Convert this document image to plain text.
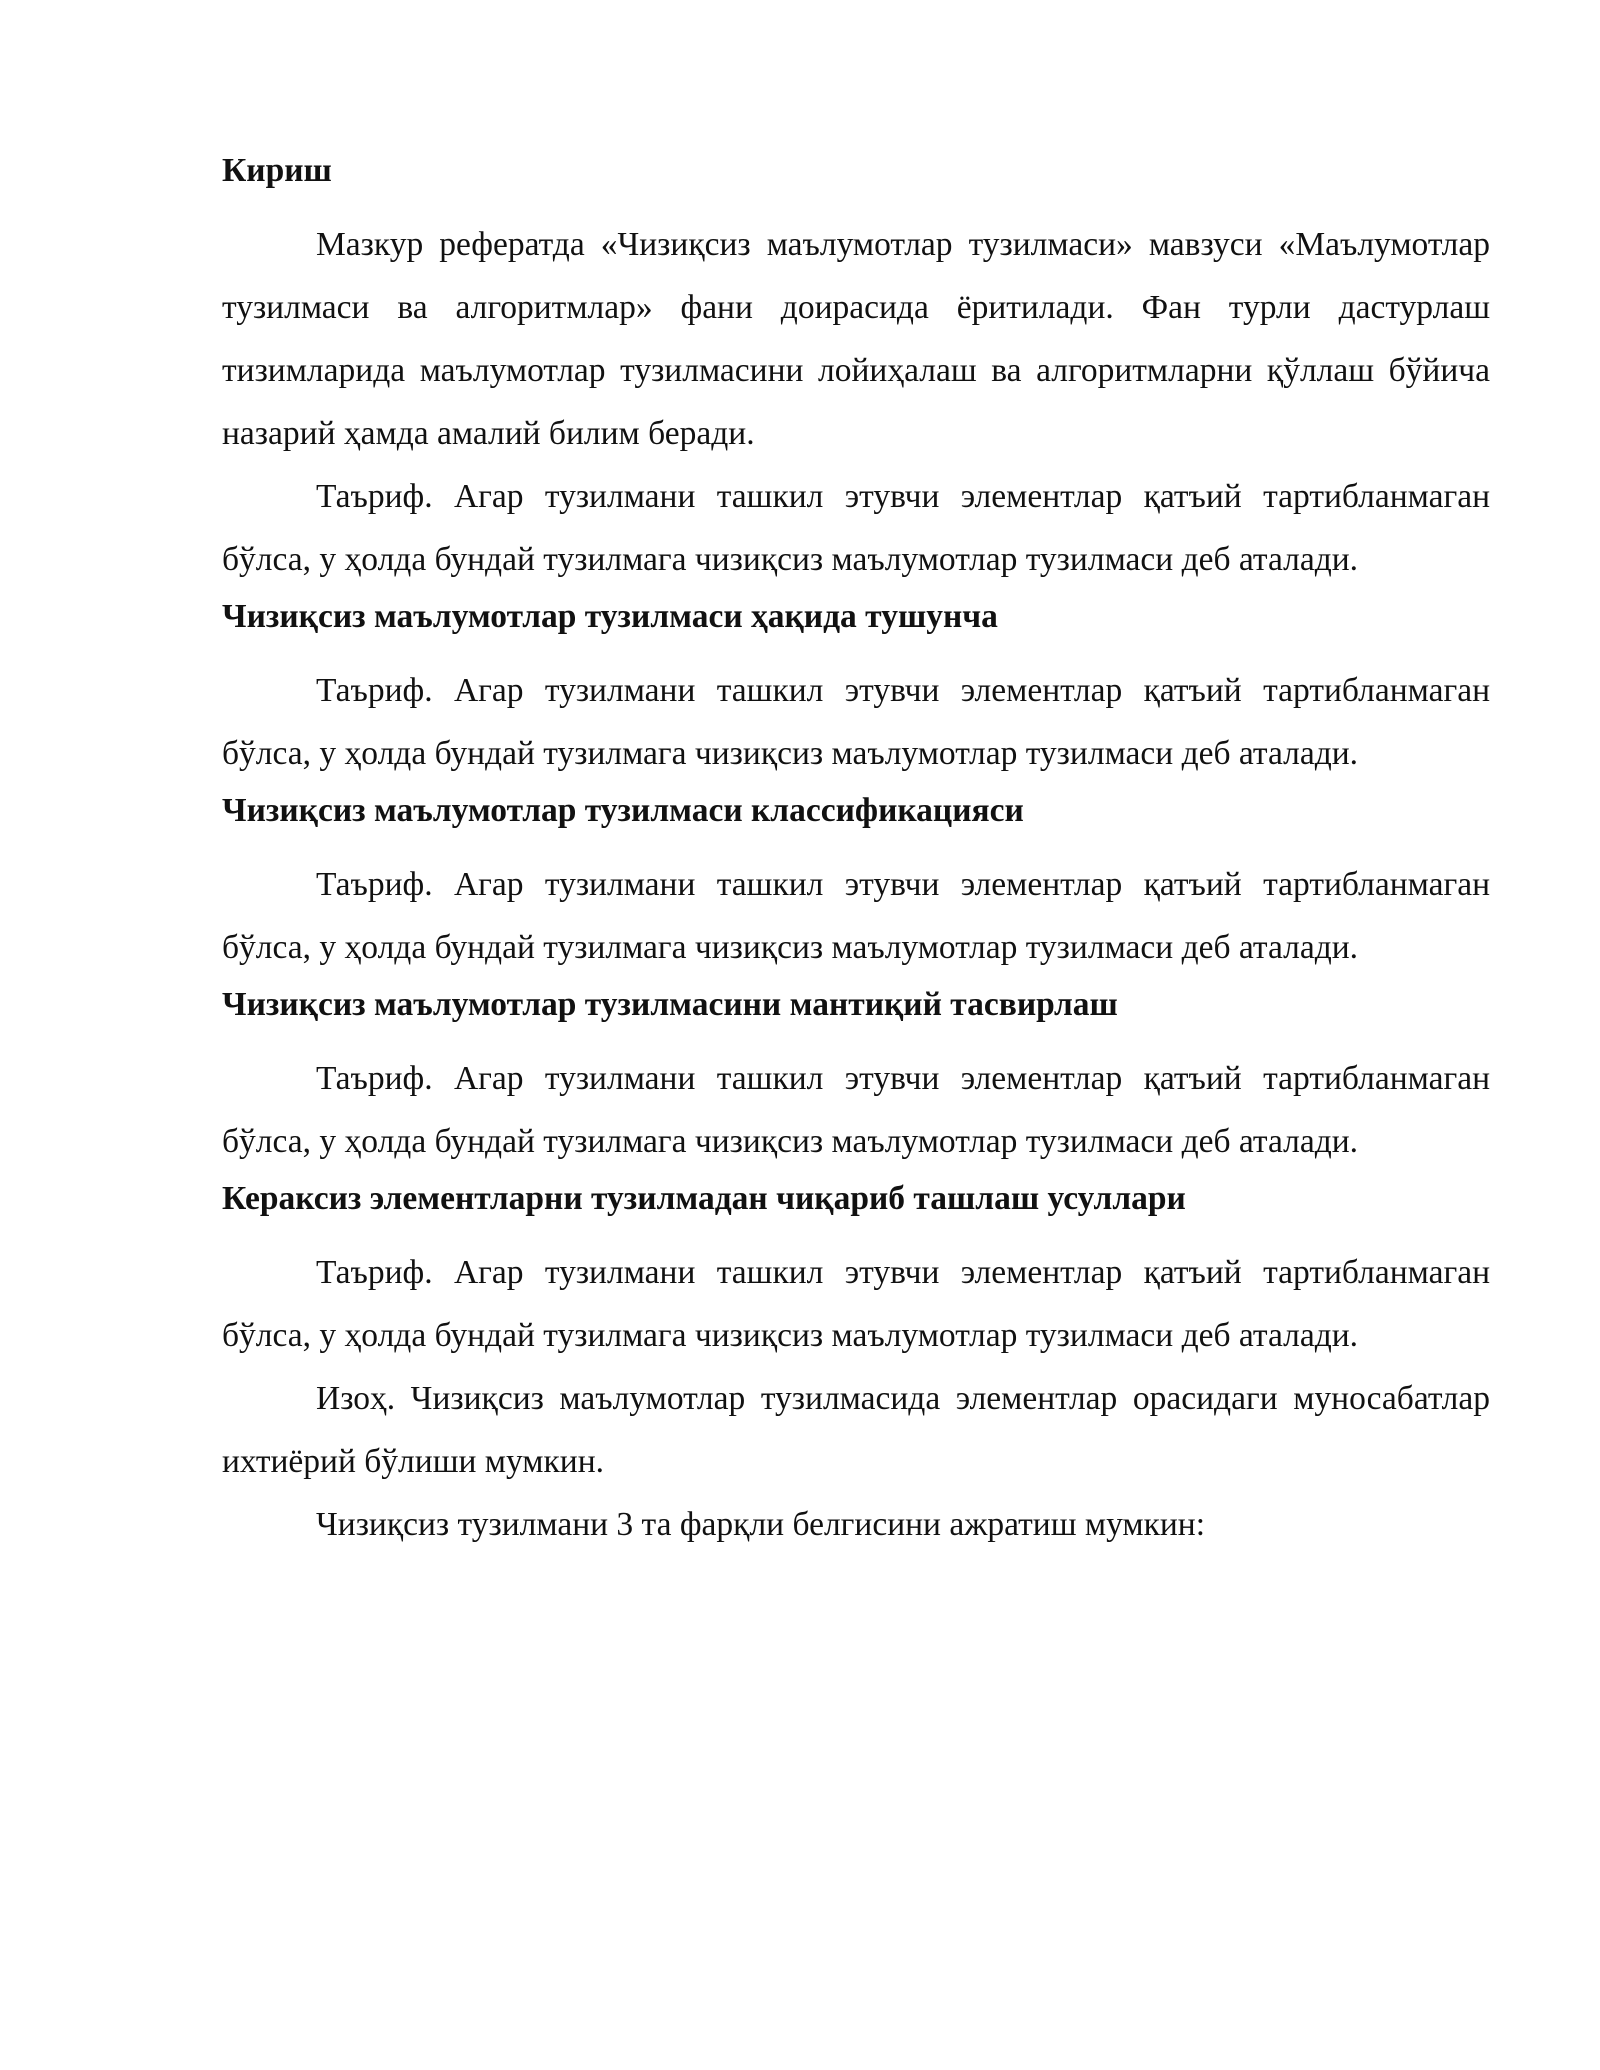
Кириш

Мазкур рефератда «Чизиқсиз маълумотлар тузилмаси» мавзуси «Маълумотлар тузилмаси ва алгоритмлар» фани доирасида ёритилади. Фан турли дастурлаш тизимларида маълумотлар тузилмасини лойиҳалаш ва алгоритмларни қўллаш бўйича назарий ҳамда амалий билим беради.

Таъриф. Агар тузилмани ташкил этувчи элементлар қатъий тартибланмаган бўлса, у ҳолда бундай тузилмага чизиқсиз маълумотлар тузилмаси деб аталади.

Чизиқсиз маълумотлар тузилмаси ҳақида тушунча

Таъриф. Агар тузилмани ташкил этувчи элементлар қатъий тартибланмаган бўлса, у ҳолда бундай тузилмага чизиқсиз маълумотлар тузилмаси деб аталади.

Чизиқсиз маълумотлар тузилмаси классификацияси

Таъриф. Агар тузилмани ташкил этувчи элементлар қатъий тартибланмаган бўлса, у ҳолда бундай тузилмага чизиқсиз маълумотлар тузилмаси деб аталади.

Чизиқсиз маълумотлар тузилмасини мантиқий тасвирлаш

Таъриф. Агар тузилмани ташкил этувчи элементлар қатъий тартибланмаган бўлса, у ҳолда бундай тузилмага чизиқсиз маълумотлар тузилмаси деб аталади.

Кераксиз элементларни тузилмадан чиқариб ташлаш усуллари

Таъриф. Агар тузилмани ташкил этувчи элементлар қатъий тартибланмаган бўлса, у ҳолда бундай тузилмага чизиқсиз маълумотлар тузилмаси деб аталади.

Изоҳ. Чизиқсиз маълумотлар тузилмасида элементлар орасидаги муносабатлар ихтиёрий бўлиши мумкин.

Чизиқсиз тузилмани 3 та фарқли белгисини ажратиш мумкин:
